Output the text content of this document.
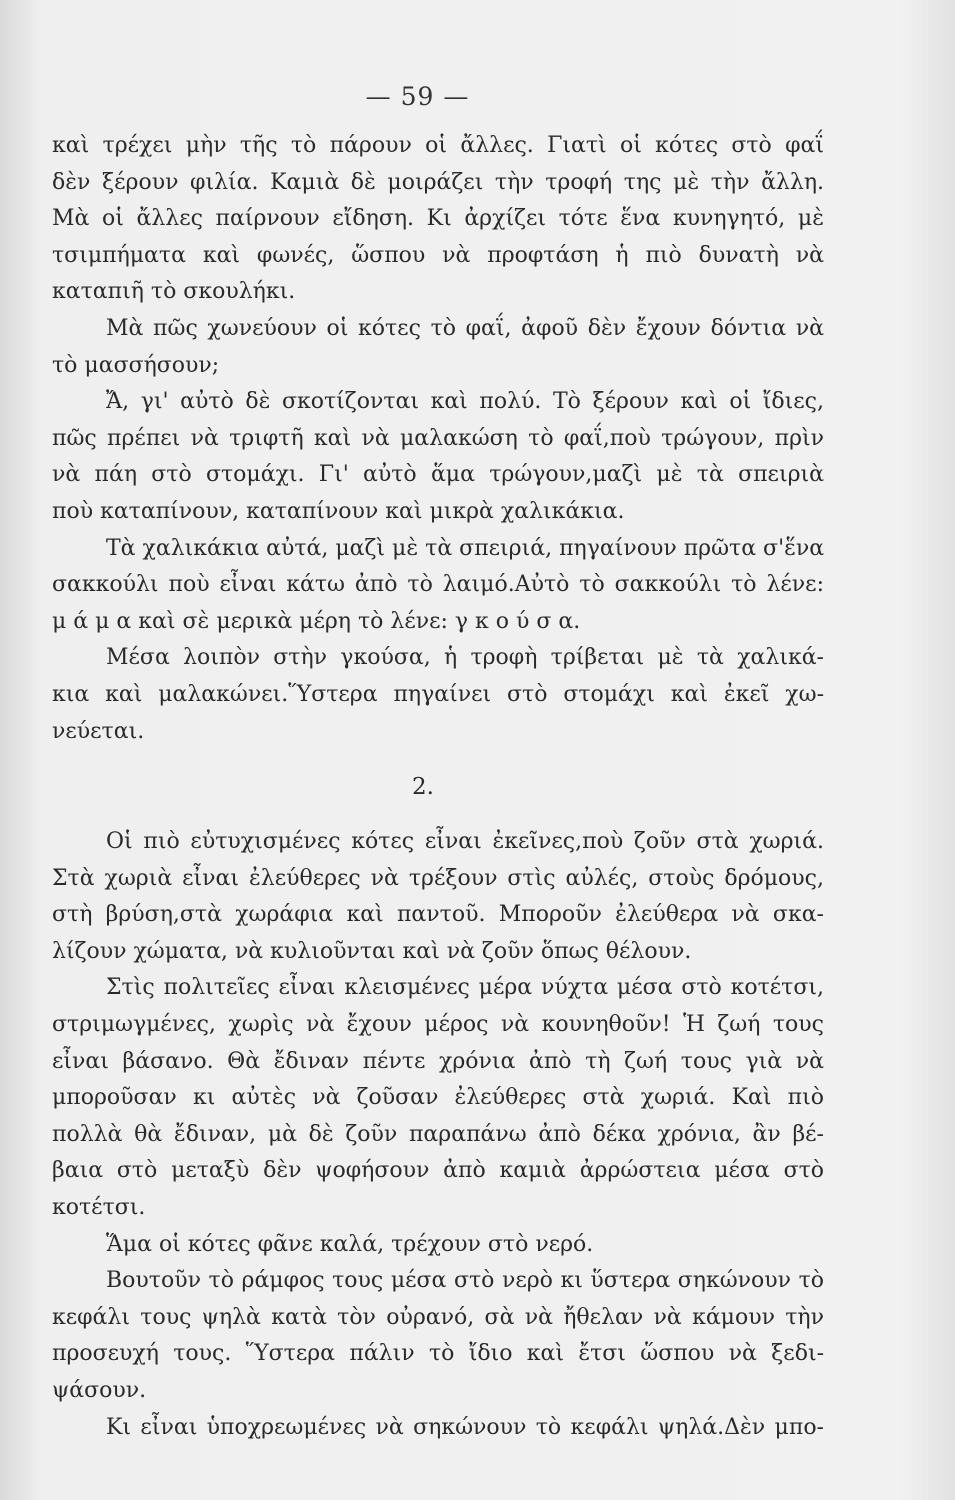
— 59 —
καὶ τρέχει μὴν τῆς τὸ πάρουν οἱ ἄλλες. Γιατὶ οἱ κότες στὸ φαΐ
δὲν ξέρουν φιλία. Καμιὰ δὲ μοιράζει τὴν τροφή της μὲ τὴν ἄλλη.
Μὰ οἱ ἄλλες παίρνουν εἴδηση. Κι ἀρχίζει τότε ἕνα κυνηγητό, μὲ
τσιμπήματα καὶ φωνές, ὥσπου νὰ προφτάση ἡ πιὸ δυνατὴ νὰ
καταπιῆ τὸ σκουλήκι.
Μὰ πῶς χωνεύουν οἱ κότες τὸ φαΐ, ἀφοῦ δὲν ἔχουν δόντια νὰ
τὸ μασσήσουν;
Ἄ, γι' αὐτὸ δὲ σκοτίζονται καὶ πολύ. Τὸ ξέρουν καὶ οἱ ἴδιες,
πῶς πρέπει νὰ τριφτῆ καὶ νὰ μαλακώση τὸ φαΐ,ποὺ τρώγουν, πρὶν
νὰ πάη στὸ στομάχι. Γι' αὐτὸ ἅμα τρώγουν,μαζὶ μὲ τὰ σπειριὰ
ποὺ καταπίνουν, καταπίνουν καὶ μικρὰ χαλικάκια.
Τὰ χαλικάκια αὐτά, μαζὶ μὲ τὰ σπειριά, πηγαίνουν πρῶτα σ'ἕνα
σακκούλι ποὺ εἶναι κάτω ἀπὸ τὸ λαιμό.Αὐτὸ τὸ σακκούλι τὸ λένε:
μ ά μ α καὶ σὲ μερικὰ μέρη τὸ λένε: γ κ ο ύ σ α.
Μέσα λοιπὸν στὴν γκούσα, ἡ τροφὴ τρίβεται μὲ τὰ χαλικά-
κια καὶ μαλακώνει.Ὕστερα πηγαίνει στὸ στομάχι καὶ ἐκεῖ χω-
νεύεται.
2.
Οἱ πιὸ εὐτυχισμένες κότες εἶναι ἐκεῖνες,ποὺ ζοῦν στὰ χωριά.
Στὰ χωριὰ εἶναι ἐλεύθερες νὰ τρέξουν στὶς αὐλές, στοὺς δρόμους,
στὴ βρύση,στὰ χωράφια καὶ παντοῦ. Μποροῦν ἐλεύθερα νὰ σκα-
λίζουν χώματα, νὰ κυλιοῦνται καὶ νὰ ζοῦν ὅπως θέλουν.
Στὶς πολιτεῖες εἶναι κλεισμένες μέρα νύχτα μέσα στὸ κοτέτσι,
στριμωγμένες, χωρὶς νὰ ἔχουν μέρος νὰ κουνηθοῦν! Ἡ ζωή τους
εἶναι βάσανο. Θὰ ἔδιναν πέντε χρόνια ἀπὸ τὴ ζωή τους γιὰ νὰ
μποροῦσαν κι αὐτὲς νὰ ζοῦσαν ἐλεύθερες στὰ χωριά. Καὶ πιὸ
πολλὰ θὰ ἔδιναν, μὰ δὲ ζοῦν παραπάνω ἀπὸ δέκα χρόνια, ἂν βέ-
βαια στὸ μεταξὺ δὲν ψοφήσουν ἀπὸ καμιὰ ἀρρώστεια μέσα στὸ
κοτέτσι.
Ἅμα οἱ κότες φᾶνε καλά, τρέχουν στὸ νερό.
Βουτοῦν τὸ ράμφος τους μέσα στὸ νερὸ κι ὕστερα σηκώνουν τὸ
κεφάλι τους ψηλὰ κατὰ τὸν οὐρανό, σὰ νὰ ἤθελαν νὰ κάμουν τὴν
προσευχή τους. Ὕστερα πάλιν τὸ ἴδιο καὶ ἔτσι ὥσπου νὰ ξεδι-
ψάσουν.
Κι εἶναι ὑποχρεωμένες νὰ σηκώνουν τὸ κεφάλι ψηλά.Δὲν μπο-
